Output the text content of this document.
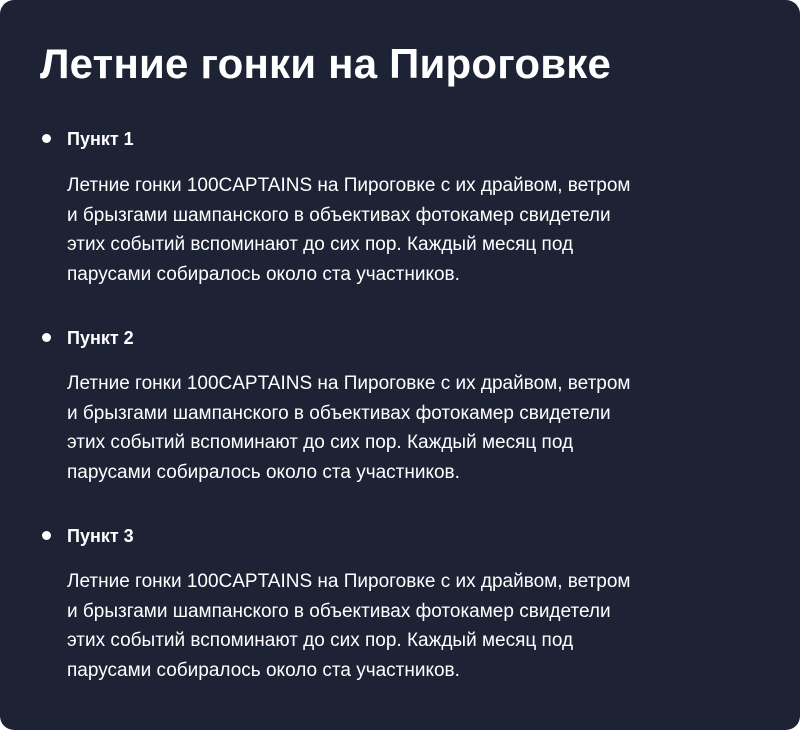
Летние гонки на Пироговке
Пункт 1

Летние гонки 100CAPTAINS на Пироговке с их драйвом, ветром
и брызгами шампанского в объективах фотокамер свидетели
этих событий вспоминают до сих пор. Каждый месяц под
парусами собиралось около ста участников.

Пункт 2

Летние гонки 100CAPTAINS на Пироговке с их драйвом, ветром
и брызгами шампанского в объективах фотокамер свидетели
этих событий вспоминают до сих пор. Каждый месяц под
парусами собиралось около ста участников.

Пункт 3

Летние гонки 100CAPTAINS на Пироговке с их драйвом, ветром
и брызгами шампанского в объективах фотокамер свидетели
этих событий вспоминают до сих пор. Каждый месяц под
парусами собиралось около ста участников.
